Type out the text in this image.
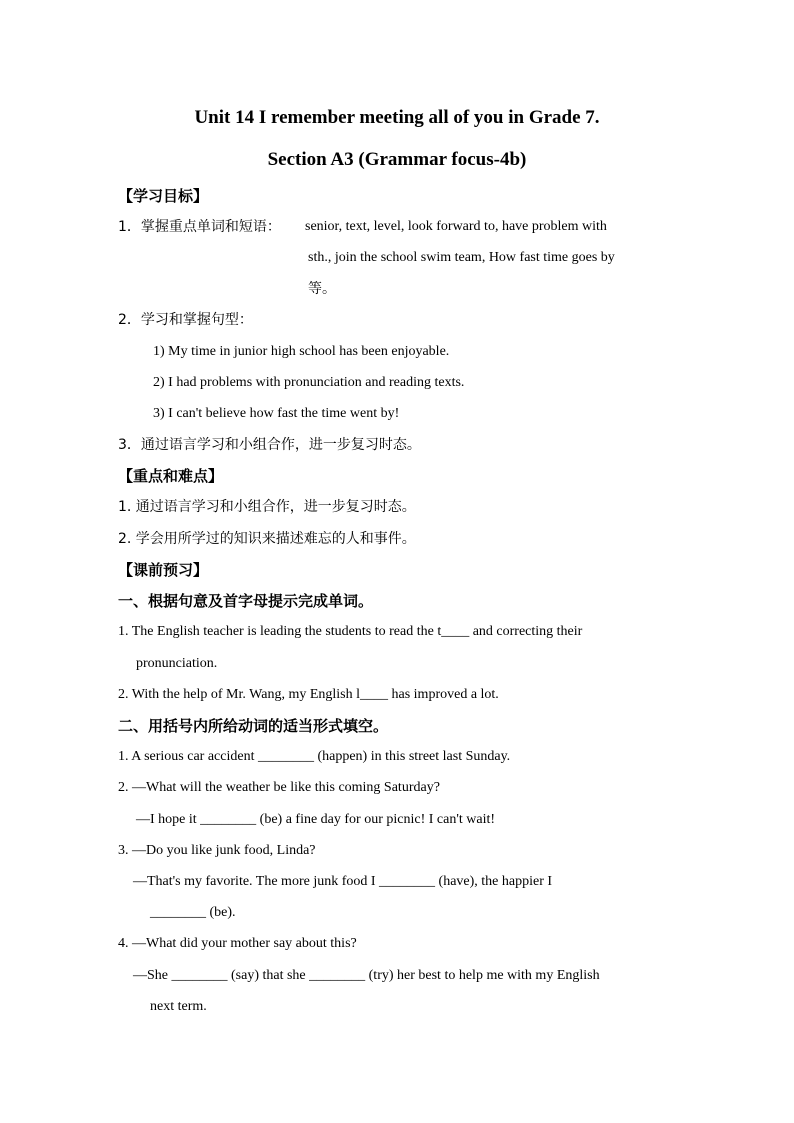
Unit 14 I remember meeting all of you in Grade 7.
Section A3 (Grammar focus-4b)
【学习目标】
1．掌握重点单词和短语： senior, text, level, look forward to, have problem with
sth., join the school swim team, How fast time goes by
等。
2．学习和掌握句型：
1) My time in junior high school has been enjoyable.
2) I had problems with pronunciation and reading texts.
3) I can't believe how fast the time went by!
3．通过语言学习和小组合作，进一步复习时态。
【重点和难点】
1. 通过语言学习和小组合作，进一步复习时态。
2. 学会用所学过的知识来描述难忘的人和事件。
【课前预习】
一、根据句意及首字母提示完成单词。
1. The English teacher is leading the students to read the t____ and correcting their
pronunciation.
2. With the help of Mr. Wang, my English l____ has improved a lot.
二、用括号内所给动词的适当形式填空。
1. A serious car accident ________ (happen) in this street last Sunday.
2. —What will the weather be like this coming Saturday?
—I hope it ________ (be) a fine day for our picnic! I can't wait!
3. —Do you like junk food, Linda?
—That's my favorite. The more junk food I ________ (have), the happier I
________ (be).
4. —What did your mother say about this?
—She ________ (say) that she ________ (try) her best to help me with my English
next term.
